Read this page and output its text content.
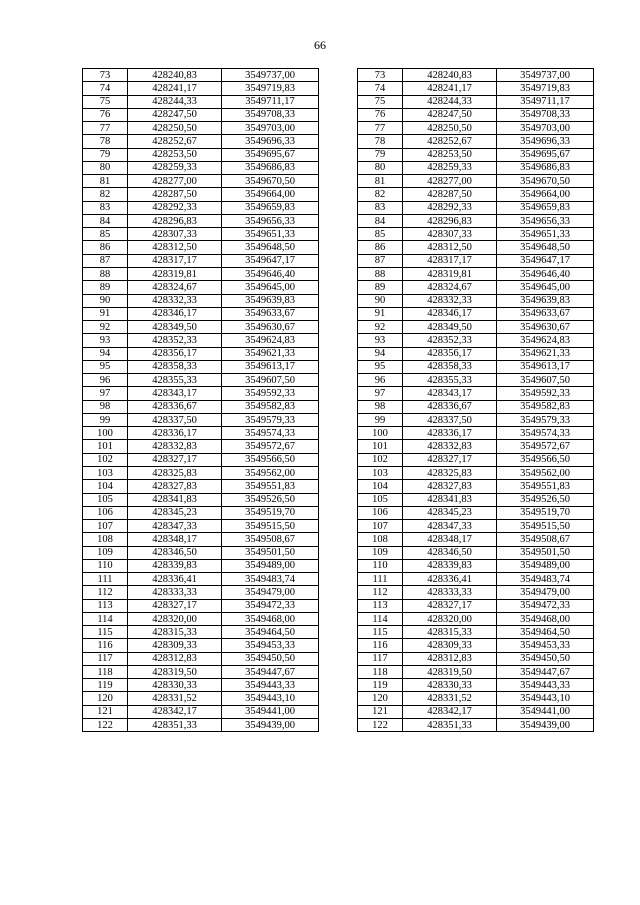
66
73	428240,83	3549737,00		73	428240,83	3549737,00
74	428241,17	3549719,83		74	428241,17	3549719,83
75	428244,33	3549711,17		75	428244,33	3549711,17
76	428247,50	3549708,33		76	428247,50	3549708,33
77	428250,50	3549703,00		77	428250,50	3549703,00
78	428252,67	3549696,33		78	428252,67	3549696,33
79	428253,50	3549695,67		79	428253,50	3549695,67
80	428259,33	3549686,83		80	428259,33	3549686,83
81	428277,00	3549670,50		81	428277,00	3549670,50
82	428287,50	3549664,00		82	428287,50	3549664,00
83	428292,33	3549659,83		83	428292,33	3549659,83
84	428296,83	3549656,33		84	428296,83	3549656,33
85	428307,33	3549651,33		85	428307,33	3549651,33
86	428312,50	3549648,50		86	428312,50	3549648,50
87	428317,17	3549647,17		87	428317,17	3549647,17
88	428319,81	3549646,40		88	428319,81	3549646,40
89	428324,67	3549645,00		89	428324,67	3549645,00
90	428332,33	3549639,83		90	428332,33	3549639,83
91	428346,17	3549633,67		91	428346,17	3549633,67
92	428349,50	3549630,67		92	428349,50	3549630,67
93	428352,33	3549624,83		93	428352,33	3549624,83
94	428356,17	3549621,33		94	428356,17	3549621,33
95	428358,33	3549613,17		95	428358,33	3549613,17
96	428355,33	3549607,50		96	428355,33	3549607,50
97	428343,17	3549592,33		97	428343,17	3549592,33
98	428336,67	3549582,83		98	428336,67	3549582,83
99	428337,50	3549579,33		99	428337,50	3549579,33
100	428336,17	3549574,33		100	428336,17	3549574,33
101	428332,83	3549572,67		101	428332,83	3549572,67
102	428327,17	3549566,50		102	428327,17	3549566,50
103	428325,83	3549562,00		103	428325,83	3549562,00
104	428327,83	3549551,83		104	428327,83	3549551,83
105	428341,83	3549526,50		105	428341,83	3549526,50
106	428345,23	3549519,70		106	428345,23	3549519,70
107	428347,33	3549515,50		107	428347,33	3549515,50
108	428348,17	3549508,67		108	428348,17	3549508,67
109	428346,50	3549501,50		109	428346,50	3549501,50
110	428339,83	3549489,00		110	428339,83	3549489,00
111	428336,41	3549483,74		111	428336,41	3549483,74
112	428333,33	3549479,00		112	428333,33	3549479,00
113	428327,17	3549472,33		113	428327,17	3549472,33
114	428320,00	3549468,00		114	428320,00	3549468,00
115	428315,33	3549464,50		115	428315,33	3549464,50
116	428309,33	3549453,33		116	428309,33	3549453,33
117	428312,83	3549450,50		117	428312,83	3549450,50
118	428319,50	3549447,67		118	428319,50	3549447,67
119	428330,33	3549443,33		119	428330,33	3549443,33
120	428331,52	3549443,10		120	428331,52	3549443,10
121	428342,17	3549441,00		121	428342,17	3549441,00
122	428351,33	3549439,00		122	428351,33	3549439,00
